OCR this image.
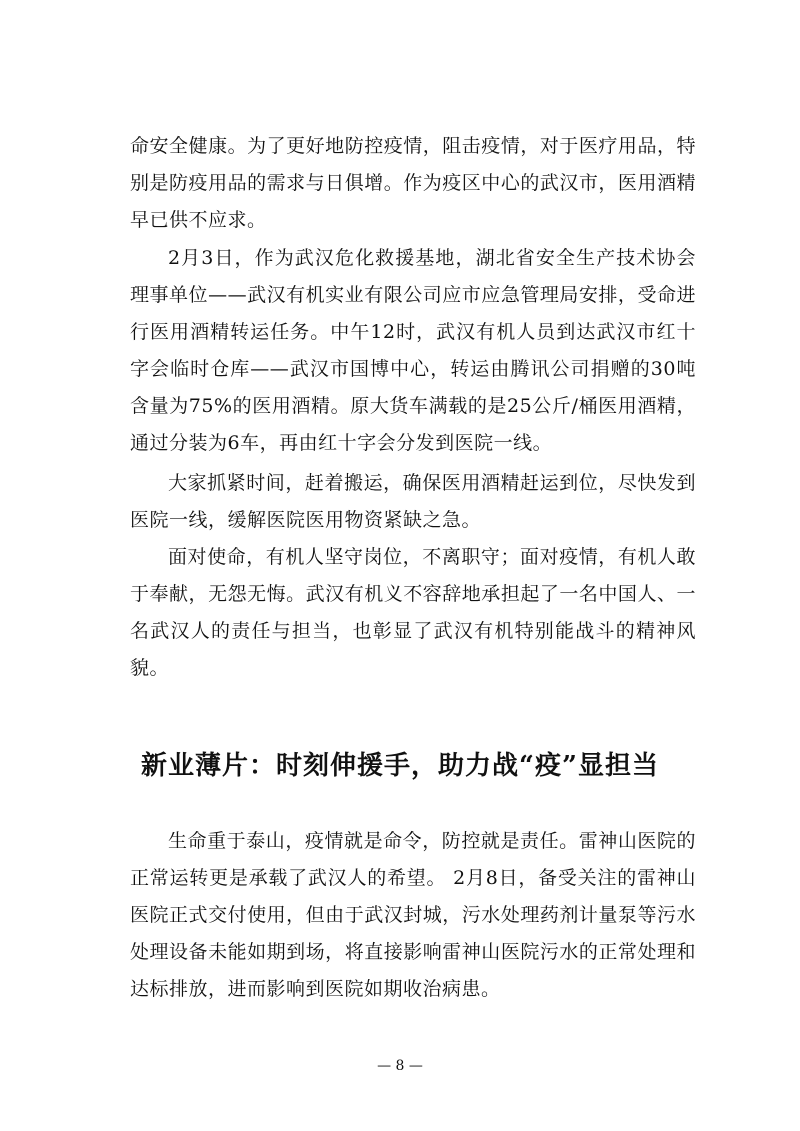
命安全健康。为了更好地防控疫情，阻击疫情，对于医疗用品，特别是防疫用品的需求与日俱增。作为疫区中心的武汉市，医用酒精早已供不应求。

2月3日，作为武汉危化救援基地，湖北省安全生产技术协会理事单位——武汉有机实业有限公司应市应急管理局安排，受命进行医用酒精转运任务。中午12时，武汉有机人员到达武汉市红十字会临时仓库——武汉市国博中心，转运由腾讯公司捐赠的30吨含量为75%的医用酒精。原大货车满载的是25公斤/桶医用酒精，通过分装为6车，再由红十字会分发到医院一线。

大家抓紧时间，赶着搬运，确保医用酒精赶运到位，尽快发到医院一线，缓解医院医用物资紧缺之急。

面对使命，有机人坚守岗位，不离职守；面对疫情，有机人敢于奉献，无怨无悔。武汉有机义不容辞地承担起了一名中国人、一名武汉人的责任与担当，也彰显了武汉有机特别能战斗的精神风貌。

新业薄片：时刻伸援手，助力战“疫”显担当

生命重于泰山，疫情就是命令，防控就是责任。雷神山医院的正常运转更是承载了武汉人的希望。 2月8日，备受关注的雷神山医院正式交付使用，但由于武汉封城，污水处理药剂计量泵等污水处理设备未能如期到场，将直接影响雷神山医院污水的正常处理和达标排放，进而影响到医院如期收治病患。

— 8 —
